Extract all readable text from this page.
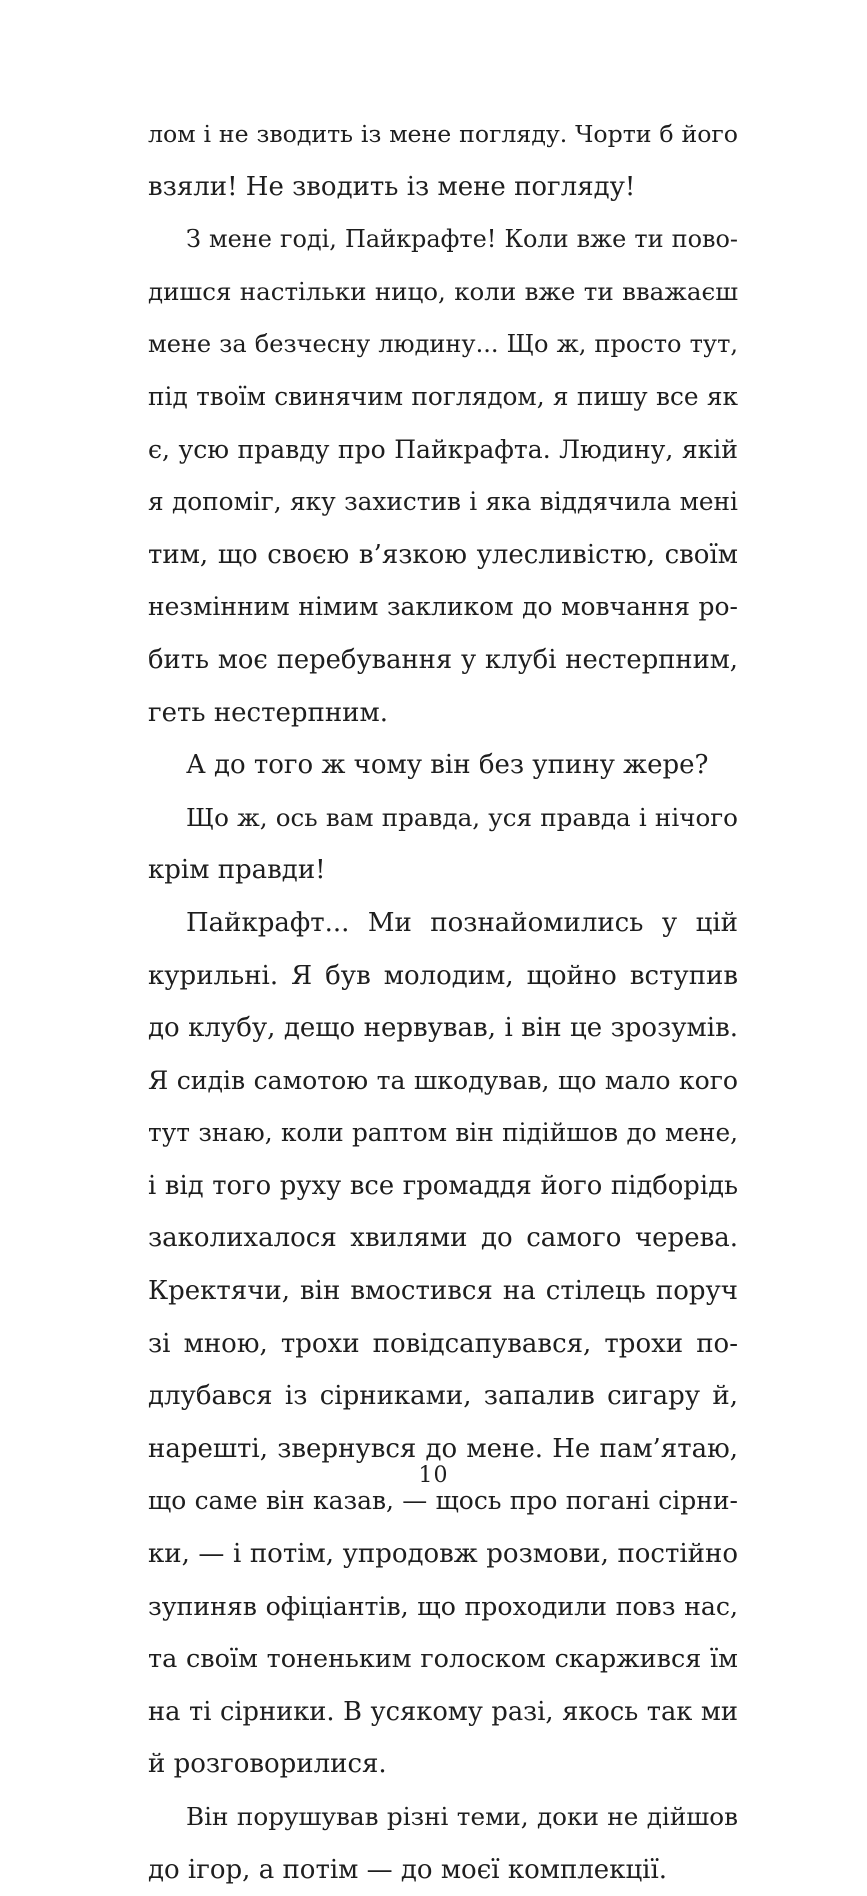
лом і не зводить із мене погляду. Чорти б його
взяли! Не зводить із мене погляду!
З мене годі, Пайкрафте! Коли вже ти пово-
дишся настільки ницо, коли вже ти вважаєш
мене за безчесну людину... Що ж, просто тут,
під твоїм свинячим поглядом, я пишу все як
є, усю правду про Пайкрафта. Людину, якій
я допоміг, яку захистив і яка віддячила мені
тим, що своєю в’язкою улесливістю, своїм
незмінним німим закликом до мовчання ро-
бить моє перебування у клубі нестерпним,
геть нестерпним.
А до того ж чому він без упину жере?
Що ж, ось вам правда, уся правда і нічого
крім правди!
Пайкрафт... Ми познайомились у цій
курильні. Я був молодим, щойно вступив
до клубу, дещо нервував, і він це зрозумів.
Я сидів самотою та шкодував, що мало кого
тут знаю, коли раптом він підійшов до мене,
і від того руху все громаддя його підборідь
заколихалося хвилями до самого черева.
Кректячи, він вмостився на стілець поруч
зі мною, трохи повідсапувався, трохи по-
длубався із сірниками, запалив сигару й,
нарешті, звернувся до мене. Не пам’ятаю,
що саме він казав, — щось про погані сірни-
ки, — і потім, упродовж розмови, постійно
зупиняв офіціантів, що проходили повз нас,
та своїм тоненьким голоском скаржився їм
на ті сірники. В усякому разі, якось так ми
й розговорилися.
Він порушував різні теми, доки не дійшов
до ігор, а потім — до моєї комплекції.
10
